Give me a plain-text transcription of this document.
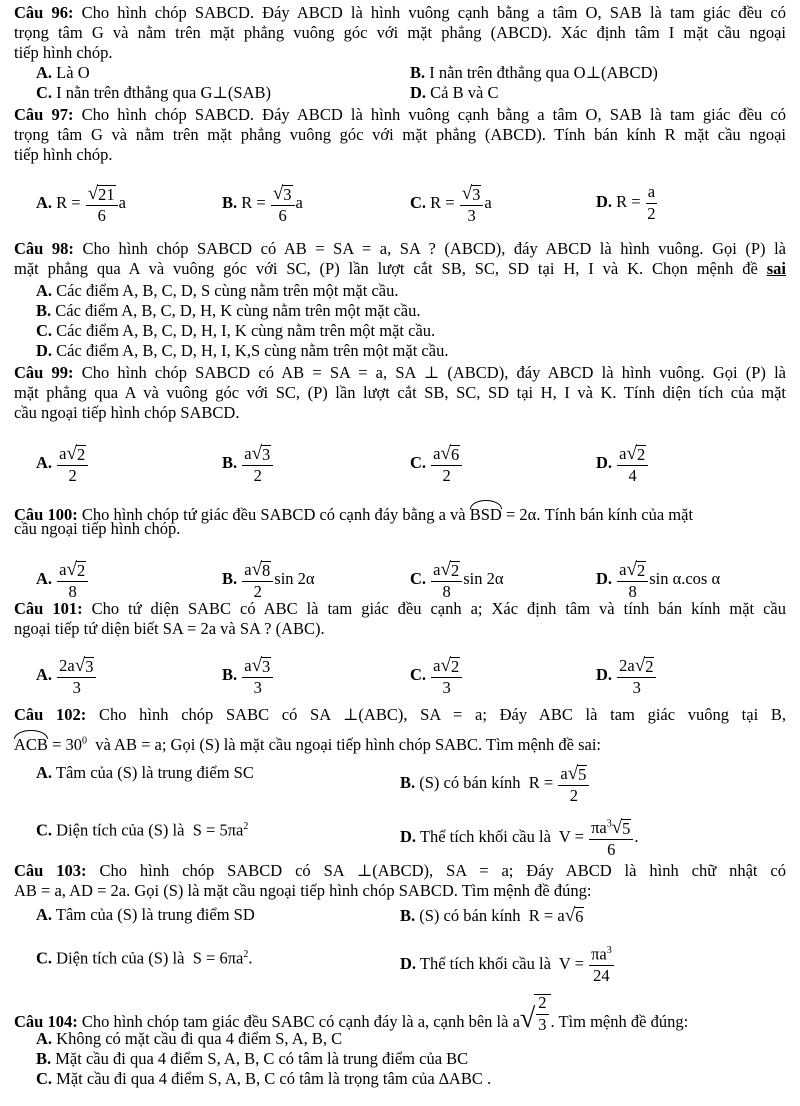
Câu 96: Cho hình chóp SABCD. Đáy ABCD là hình vuông cạnh bằng a tâm O, SAB là tam giác đều có
trọng tâm G và nằm trên mặt phẳng vuông góc với mặt phẳng (ABCD). Xác định tâm I mặt cầu ngoại
tiếp hình chóp.
A. Là O	B. I nằn trên đthẳng qua O⊥(ABCD)
C. I nằn trên đthẳng qua G⊥(SAB)	D. Cả B và C
Câu 97: Cho hình chóp SABCD. Đáy ABCD là hình vuông cạnh bằng a tâm O, SAB là tam giác đều có
trọng tâm G và nằm trên mặt phẳng vuông góc với mặt phẳng (ABCD). Tính bán kính R mặt cầu ngoại
tiếp hình chóp.
A. $R = \frac{√ 21}{6}$ a	B. $R = \frac{√ 3}{6}$ a	C. $R = \frac{√ 3}{3}$ a	D. $R = \frac{a}{2}$
Câu 98: Cho hình chóp SABCD có AB = SA = a, SA ? (ABCD), đáy ABCD là hình vuông. Gọi (P) là
mặt phẳng qua A và vuông góc với SC, (P) lần lượt cắt SB, SC, SD tại H, I và K. Chọn mệnh đề sai
A. Các điểm A, B, C, D, S cùng nằm trên một mặt cầu.
B. Các điểm A, B, C, D, H, K cùng nằm trên một mặt cầu.
C. Các điểm A, B, C, D, H, I, K cùng nằm trên một mặt cầu.
D. Các điểm A, B, C, D, H, I, K,S cùng nằm trên một mặt cầu.
Câu 99: Cho hình chóp SABCD có AB = SA = a, SA ⊥ (ABCD), đáy ABCD là hình vuông. Gọi (P) là
mặt phẳng qua A và vuông góc với SC, (P) lần lượt cắt SB, SC, SD tại H, I và K. Tính diện tích của mặt
cầu ngoại tiếp hình chóp SABCD.
A. $\frac{a √ 2}{2}$	B. $\frac{a √ 3}{2}$	C. $\frac{a √ 6}{2}$	D. $\frac{a √ 2}{4}$
Câu 100: Cho hình chóp tứ giác đều SABCD có cạnh đáy bằng a và BSD = 2α. Tính bán kính của mặt
cầu ngoại tiếp hình chóp.
A. $\frac{a √ 2}{8}$	B. $\frac{a √ 8}{2}$ sin 2α	C. $\frac{a √ 2}{8}$ sin 2α	D. $\frac{a √ 2}{8}$ sin α.cos α
Câu 101: Cho tứ diện SABC có ABC là tam giác đều cạnh a; Xác định tâm và tính bán kính mặt cầu
ngoại tiếp tứ diện biết SA = 2a và SA ? (ABC).
A. $\frac{2a √ 3}{3}$	B. $\frac{a √ 3}{3}$	C. $\frac{a √ 2}{3}$	D. $\frac{2a √ 2}{3}$
Câu 102: Cho hình chóp SABC có SA ⊥(ABC), SA = a; Đáy ABC là tam giác vuông tại B,
ACB = $30^0$ và AB = a; Gọi (S) là mặt cầu ngoại tiếp hình chóp SABC. Tìm mệnh đề sai:
A. Tâm của (S) là trung điểm SC
B. (S) có bán kính $R = \frac{a √ 5}{2}$
C. Diện tích của (S) là $S = 5\pi a^2$
D. Thể tích khối cầu là $V = \frac{\pi a^3 √ 5}{6}$ .
Câu 103: Cho hình chóp SABCD có SA ⊥(ABCD), SA = a; Đáy ABCD là hình chữ nhật có
AB = a, AD = 2a. Gọi (S) là mặt cầu ngoại tiếp hình chóp SABCD. Tìm mệnh đề đúng:
A. Tâm của (S) là trung điểm SD	B. (S) có bán kính R = a √ 6
C. Diện tích của (S) là $S = 6\pi a^2$.	D. Thể tích khối cầu là $V = \frac{\pi a^3}{24}$
Câu 104: Cho hình chóp tam giác đều SABC có cạnh đáy là a, cạnh bên là a √ $\frac{2}{3}$ . Tìm mệnh đề đúng:
A. Không có mặt cầu đi qua 4 điểm S, A, B, C
B. Mặt cầu đi qua 4 điểm S, A, B, C có tâm là trung điểm của BC
C. Mặt cầu đi qua 4 điểm S, A, B, C có tâm là trọng tâm của ∆ABC .
